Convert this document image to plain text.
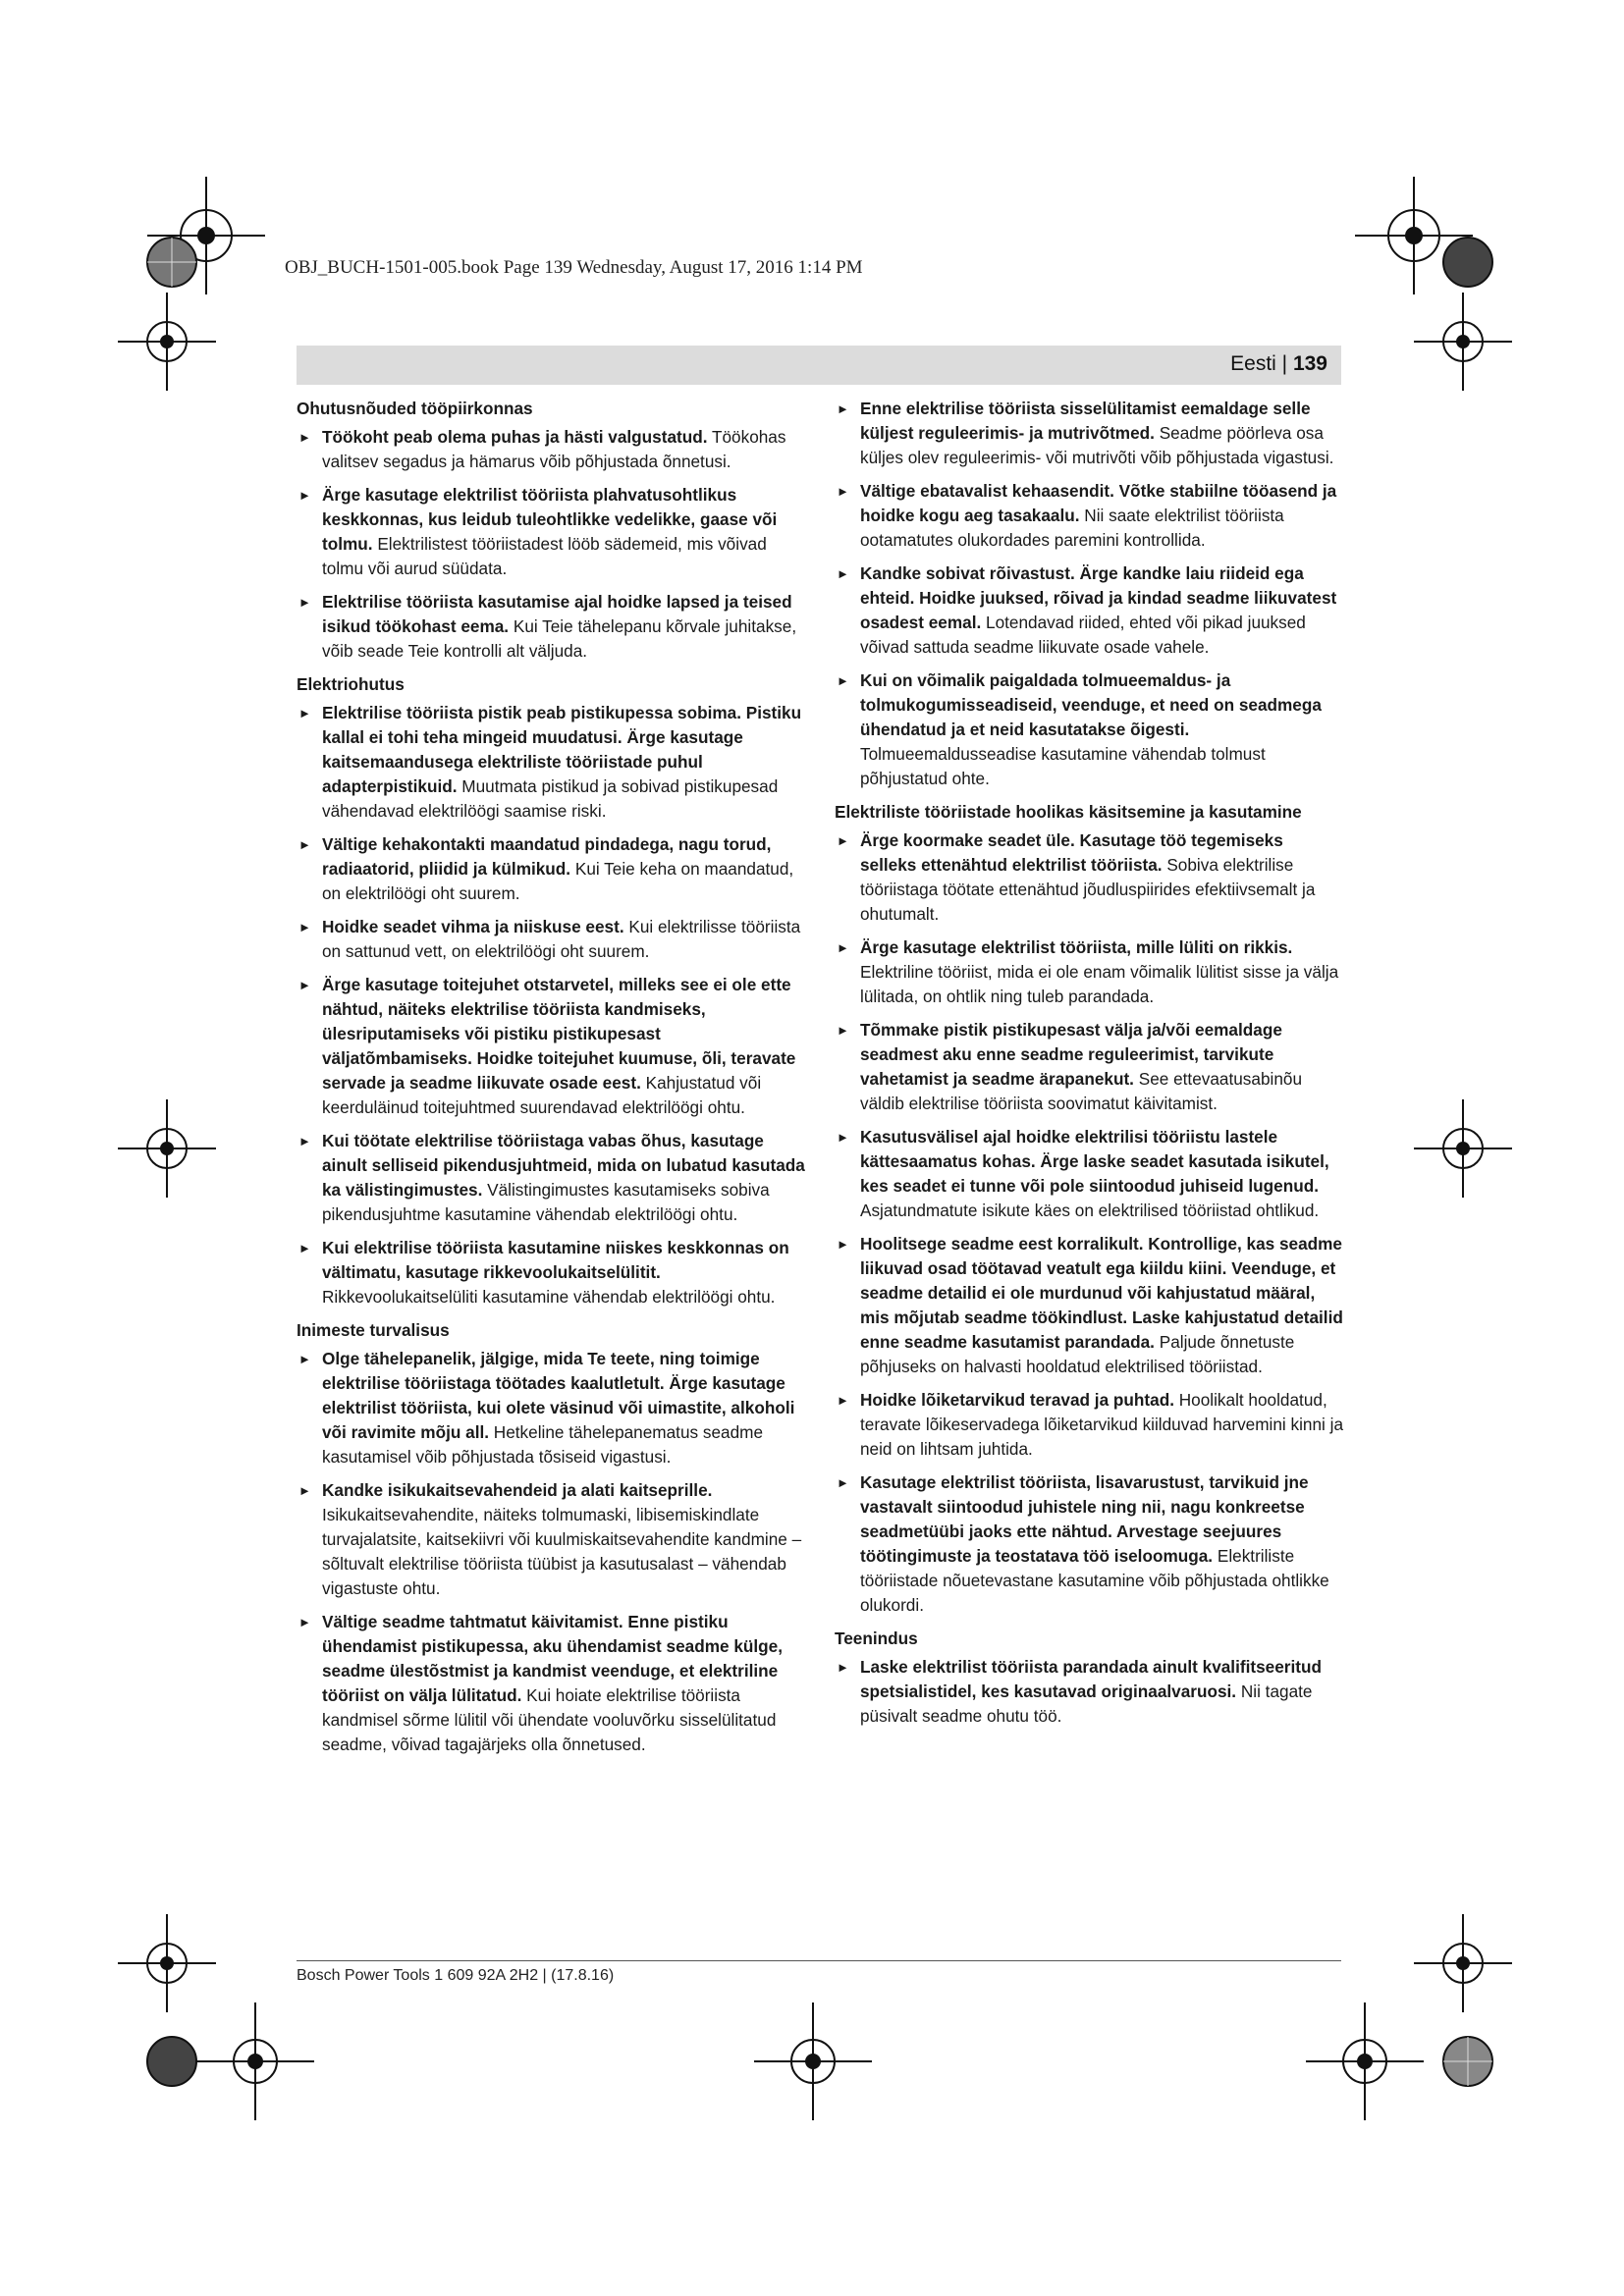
OBJ_BUCH-1501-005.book Page 139 Wednesday, August 17, 2016 1:14 PM
Eesti | 139
Ohutusnõuded tööpiirkonnas
► Töökoht peab olema puhas ja hästi valgustatud. Töökohas valitsev segadus ja hämarus võib põhjustada õnnetusi.
► Ärge kasutage elektrilist tööriista plahvatusohtlikus keskkonnas, kus leidub tuleohtlikke vedelikke, gaase või tolmu. Elektrilistest tööriistadest lööb sädemeid, mis võivad tolmu või aurud süüdata.
► Elektrilise tööriista kasutamise ajal hoidke lapsed ja teised isikud töökohast eema. Kui Teie tähelepanu kõrvale juhitakse, võib seade Teie kontrolli alt väljuda.
Elektriohutus
► Elektrilise tööriista pistik peab pistikupessa sobima. Pistiku kallal ei tohi teha mingeid muudatusi. Ärge kasutage kaitsemaandusega elektriliste tööriistade puhul adapterpistikuid. Muutmata pistikud ja sobivad pistikupesad vähendavad elektrilöögi saamise riski.
► Vältige kehakontakti maandatud pindadega, nagu torud, radiaatorid, pliidid ja külmikud. Kui Teie keha on maandatud, on elektrilöögi oht suurem.
► Hoidke seadet vihma ja niiskuse eest. Kui elektrilisse tööriista on sattunud vett, on elektrilöögi oht suurem.
► Ärge kasutage toitejuhet otstarvetel, milleks see ei ole ette nähtud, näiteks elektrilise tööriista kandmiseks, ülesriputamiseks või pistiku pistikupesast väljatõmbamiseks. Hoidke toitejuhet kuumuse, õli, teravate servade ja seadme liikuvate osade eest. Kahjustatud või keerduläinud toitejuhtmed suurendavad elektrilöögi ohtu.
► Kui töötate elektrilise tööriistaga vabas õhus, kasutage ainult selliseid pikendusjuhtmeid, mida on lubatud kasutada ka välistingimustes. Välistingimustes kasutamiseks sobiva pikendusjuhtme kasutamine vähendab elektrilöögi ohtu.
► Kui elektrilise tööriista kasutamine niiskes keskkonnas on vältimatu, kasutage rikkevoolukaitselülitit. Rikkevoolukaitselüliti kasutamine vähendab elektrilöögi ohtu.
Inimeste turvalisus
► Olge tähelepanelik, jälgige, mida Te teete, ning toimige elektrilise tööriistaga töötades kaalutletult. Ärge kasutage elektrilist tööriista, kui olete väsinud või uimastite, alkoholi või ravimite mõju all. Hetkeline tähelepanematus seadme kasutamisel võib põhjustada tõsiseid vigastusi.
► Kandke isikukaitsevahendeid ja alati kaitseprille. Isikukaitsevahendite, näiteks tolmumaski, libisemiskindlate turvajalatsite, kaitsekiivri või kuulmiskaitsevahendite kandmine – sõltuvalt elektrilise tööriista tüübist ja kasutusalast – vähendab vigastuste ohtu.
► Vältige seadme tahtmatut käivitamist. Enne pistiku ühendamist pistikupessa, aku ühendamist seadme külge, seadme ülestõstmist ja kandmist veenduge, et elektriline tööriist on välja lülitatud. Kui hoiate elektrilise tööriista kandmisel sõrme lülitil või ühendate vooluvõrku sisselülitatud seadme, võivad tagajärjeks olla õnnetused.
► Enne elektrilise tööriista sisselülitamist eemaldage selle küljest reguleerimis- ja mutrivõtmed. Seadme pöörleva osa küljes olev reguleerimis- või mutrivõti võib põhjustada vigastusi.
► Vältige ebatavalist kehaasendit. Võtke stabiilne tööasend ja hoidke kogu aeg tasakaalu. Nii saate elektrilist tööriista ootamatutes olukordades paremini kontrollida.
► Kandke sobivat rõivastust. Ärge kandke laiu riideid ega ehteid. Hoidke juuksed, rõivad ja kindad seadme liikuvatest osadest eemal. Lotendavad riided, ehted või pikad juuksed võivad sattuda seadme liikuvate osade vahele.
► Kui on võimalik paigaldada tolmueemaldus- ja tolmukogumisseadiseid, veenduge, et need on seadmega ühendatud ja et neid kasutatakse õigesti. Tolmueemaldusseadise kasutamine vähendab tolmust põhjustatud ohte.
Elektriliste tööriistade hoolikas käsitsemine ja kasutamine
► Ärge koormake seadet üle. Kasutage töö tegemiseks selleks ettenähtud elektrilist tööriista. Sobiva elektrilise tööriistaga töötate ettenähtud jõudluspiirides efektiivsemalt ja ohutumalt.
► Ärge kasutage elektrilist tööriista, mille lüliti on rikkis. Elektriline tööriist, mida ei ole enam võimalik lülitist sisse ja välja lülitada, on ohtlik ning tuleb parandada.
► Tõmmake pistik pistikupesast välja ja/või eemaldage seadmest aku enne seadme reguleerimist, tarvikute vahetamist ja seadme ärapanekut. See ettevaatusabinõu väldib elektrilise tööriista soovimatut käivitamist.
► Kasutusvälisel ajal hoidke elektrilisi tööriistu lastele kättesaamatus kohas. Ärge laske seadet kasutada isikutel, kes seadet ei tunne või pole siintoodud juhiseid lugenud. Asjatundmatute isikute käes on elektrilised tööriistad ohtlikud.
► Hoolitsege seadme eest korralikult. Kontrollige, kas seadme liikuvad osad töötavad veatult ega kiildu kiini. Veenduge, et seadme detailid ei ole murdunud või kahjustatud määral, mis mõjutab seadme töökindlust. Laske kahjustatud detailid enne seadme kasutamist parandada. Paljude õnnetuste põhjuseks on halvasti hooldatud elektrilised tööriistad.
► Hoidke lõiketarvikud teravad ja puhtad. Hoolikalt hooldatud, teravate lõikeservadega lõiketarvikud kiilduvad harvemini kinni ja neid on lihtsam juhtida.
► Kasutage elektrilist tööriista, lisavarustust, tarvikuid jne vastavalt siintoodud juhistele ning nii, nagu konkreetse seadmetüübi jaoks ette nähtud. Arvestage seejuures töötingimuste ja teostatava töö iseloomuga. Elektriliste tööriistade nõuetevastane kasutamine võib põhjustada ohtlikke olukordi.
Teenindus
► Laske elektrilist tööriista parandada ainult kvalifitseeritud spetsialistidel, kes kasutavad originaalvaruosi. Nii tagate püsivalt seadme ohutu töö.
Bosch Power Tools 1 609 92A 2H2 | (17.8.16)
